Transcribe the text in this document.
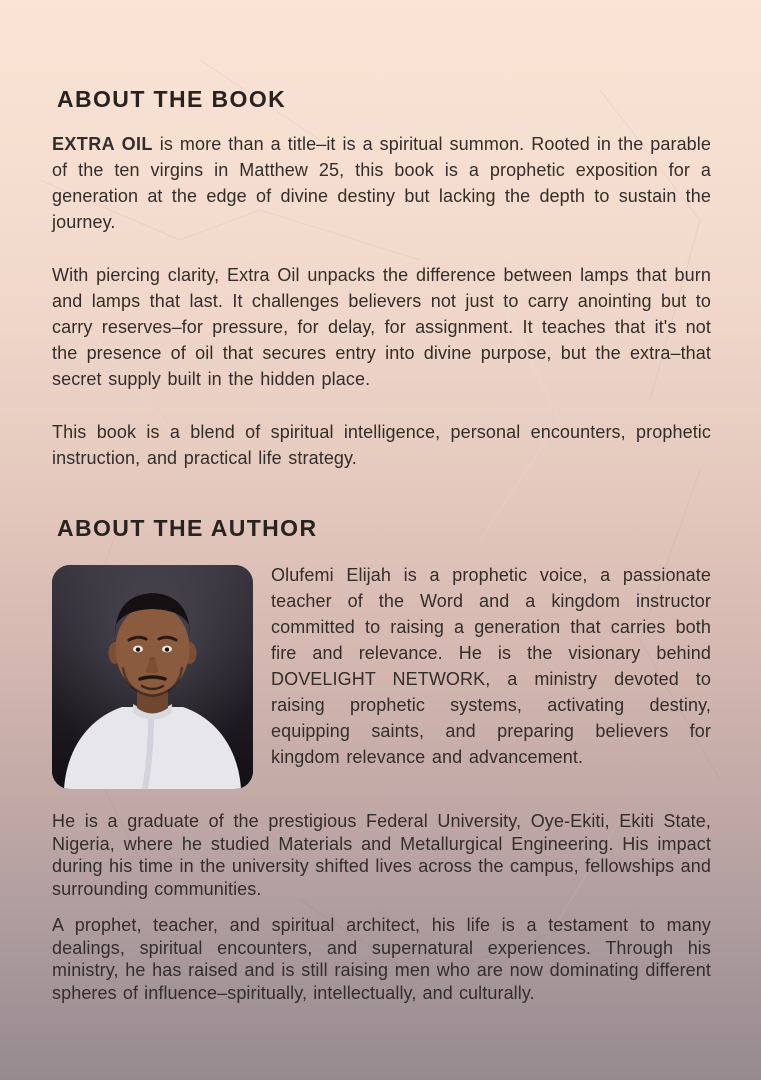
ABOUT THE BOOK

EXTRA OIL is more than a title–it is a spiritual summon. Rooted in the parable of the ten virgins in Matthew 25, this book is a prophetic exposition for a generation at the edge of divine destiny but lacking the depth to sustain the journey.

With piercing clarity, Extra Oil unpacks the difference between lamps that burn and lamps that last. It challenges believers not just to carry anointing but to carry reserves–for pressure, for delay, for assignment. It teaches that it's not the presence of oil that secures entry into divine purpose, but the extra–that secret supply built in the hidden place.

This book is a blend of spiritual intelligence, personal encounters, prophetic instruction, and practical life strategy.

ABOUT THE AUTHOR

Olufemi Elijah is a prophetic voice, a passionate teacher of the Word and a kingdom instructor committed to raising a generation that carries both fire and relevance. He is the visionary behind DOVELIGHT NETWORK, a ministry devoted to raising prophetic systems, activating destiny, equipping saints, and preparing believers for kingdom relevance and advancement.

He is a graduate of the prestigious Federal University, Oye-Ekiti, Ekiti State, Nigeria, where he studied Materials and Metallurgical Engineering. His impact during his time in the university shifted lives across the campus, fellowships and surrounding communities.

A prophet, teacher, and spiritual architect, his life is a testament to many dealings, spiritual encounters, and supernatural experiences. Through his ministry, he has raised and is still raising men who are now dominating different spheres of influence–spiritually, intellectually, and culturally.
